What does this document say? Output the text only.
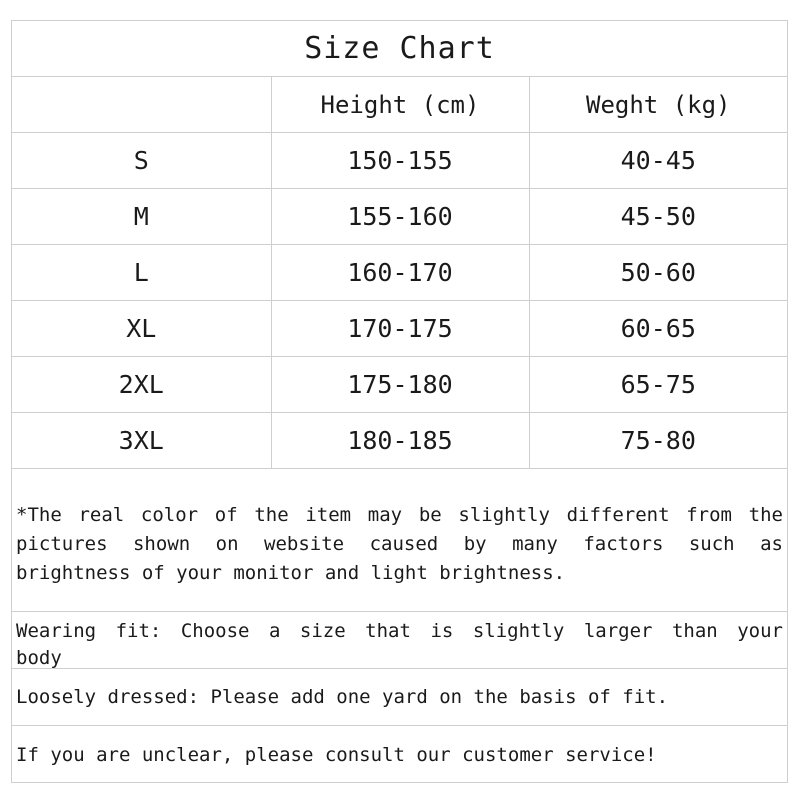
Size Chart
	Height (cm)	Weght (kg)
S	150-155	40-45
M	155-160	45-50
L	160-170	50-60
XL	170-175	60-65
2XL	175-180	65-75
3XL	180-185	75-80
*The real color of the item may be slightly different from the
pictures shown on website caused by many factors such as
brightness of your monitor and light brightness.
Wearing fit: Choose a size that is slightly larger than your
body
Loosely dressed: Please add one yard on the basis of fit.
If you are unclear, please consult our customer service!
